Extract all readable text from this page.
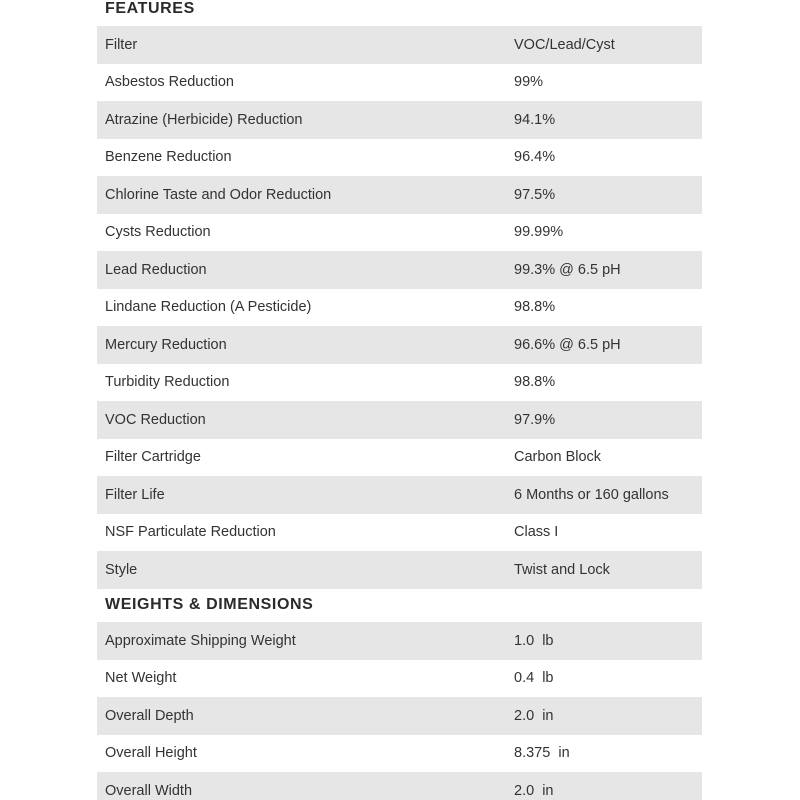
FEATURES
Filter	VOC/Lead/Cyst
Asbestos Reduction	99%
Atrazine (Herbicide) Reduction	94.1%
Benzene Reduction	96.4%
Chlorine Taste and Odor Reduction	97.5%
Cysts Reduction	99.99%
Lead Reduction	99.3% @ 6.5 pH
Lindane Reduction (A Pesticide)	98.8%
Mercury Reduction	96.6% @ 6.5 pH
Turbidity Reduction	98.8%
VOC Reduction	97.9%
Filter Cartridge	Carbon Block
Filter Life	6 Months or 160 gallons
NSF Particulate Reduction	Class I
Style	Twist and Lock
WEIGHTS & DIMENSIONS
Approximate Shipping Weight	1.0  lb
Net Weight	0.4  lb
Overall Depth	2.0  in
Overall Height	8.375  in
Overall Width	2.0  in
